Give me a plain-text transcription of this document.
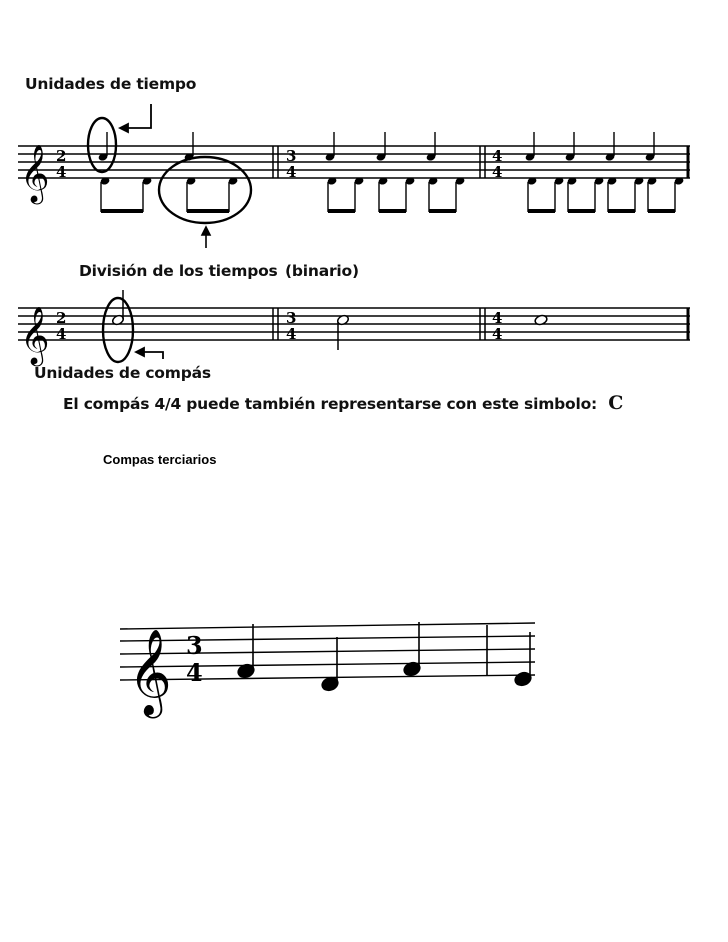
𝄞 2
4
3
4
4
4
𝄞 2
4
3
4
4
4
𝄞 3
4
Unidades de tiempo
División de los tiempos (binario)
Unidades de compás
El compás 4/4 puede también representarse con este simbolo: C
Compas terciarios
